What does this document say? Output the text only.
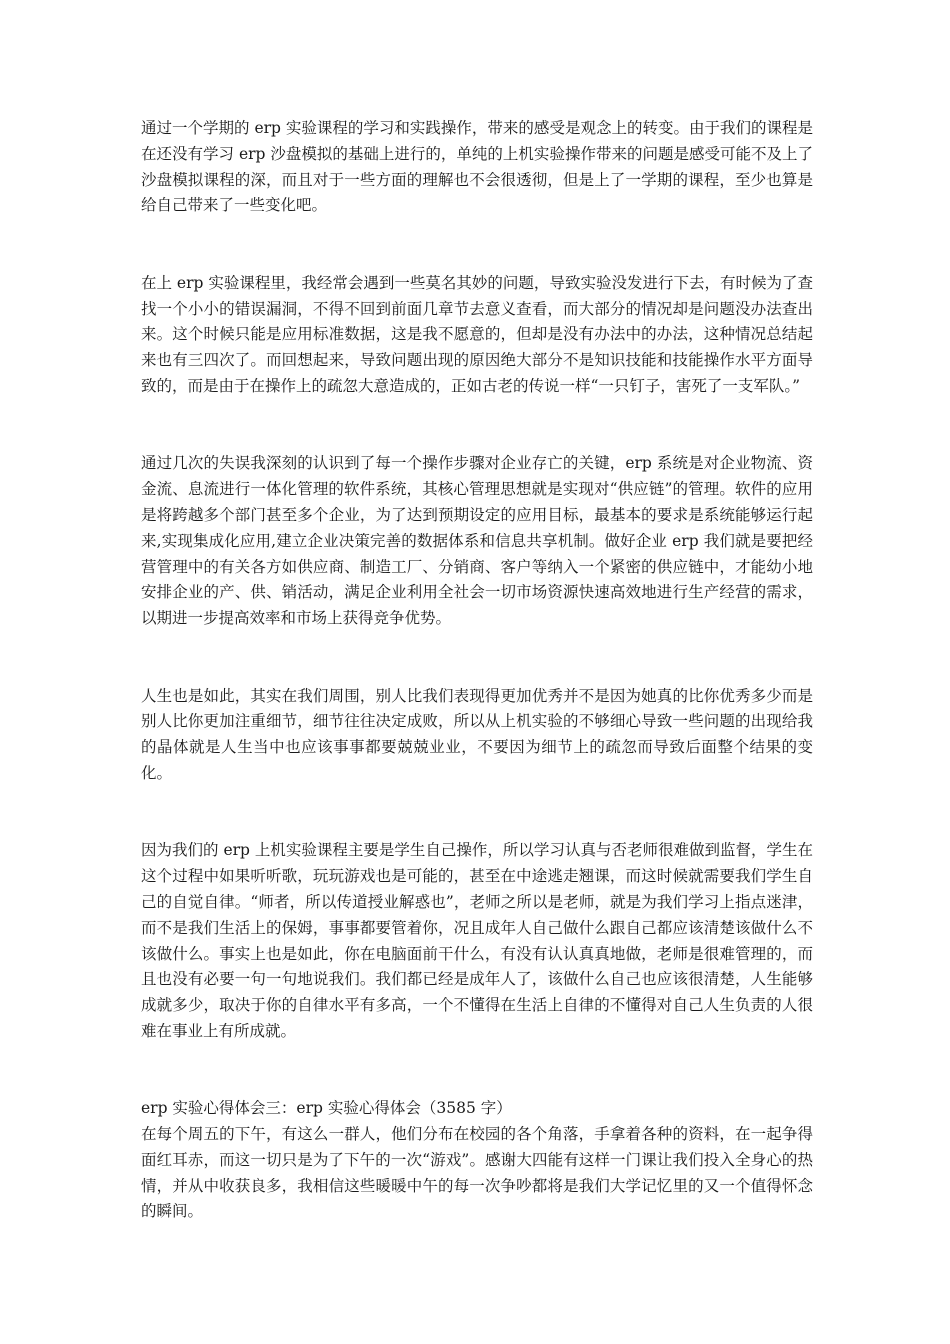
通过一个学期的 erp 实验课程的学习和实践操作，带来的感受是观念上的转变。由于我们的课程是在还没有学习 erp 沙盘模拟的基础上进行的，单纯的上机实验操作带来的问题是感受可能不及上了沙盘模拟课程的深，而且对于一些方面的理解也不会很透彻，但是上了一学期的课程，至少也算是给自己带来了一些变化吧。

在上 erp 实验课程里，我经常会遇到一些莫名其妙的问题，导致实验没发进行下去，有时候为了查找一个小小的错误漏洞，不得不回到前面几章节去意义查看，而大部分的情况却是问题没办法查出来。这个时候只能是应用标准数据，这是我不愿意的，但却是没有办法中的办法，这种情况总结起来也有三四次了。而回想起来，导致问题出现的原因绝大部分不是知识技能和技能操作水平方面导致的，而是由于在操作上的疏忽大意造成的，正如古老的传说一样“一只钉子，害死了一支军队。”

通过几次的失误我深刻的认识到了每一个操作步骤对企业存亡的关键，erp 系统是对企业物流、资金流、息流进行一体化管理的软件系统，其核心管理思想就是实现对“供应链”的管理。软件的应用是将跨越多个部门甚至多个企业，为了达到预期设定的应用目标，最基本的要求是系统能够运行起来,实现集成化应用,建立企业决策完善的数据体系和信息共享机制。做好企业 erp 我们就是要把经营管理中的有关各方如供应商、制造工厂、分销商、客户等纳入一个紧密的供应链中，才能幼小地安排企业的产、供、销活动，满足企业利用全社会一切市场资源快速高效地进行生产经营的需求，以期进一步提高效率和市场上获得竞争优势。

人生也是如此，其实在我们周围，别人比我们表现得更加优秀并不是因为她真的比你优秀多少而是别人比你更加注重细节，细节往往决定成败，所以从上机实验的不够细心导致一些问题的出现给我的晶体就是人生当中也应该事事都要兢兢业业，不要因为细节上的疏忽而导致后面整个结果的变化。

因为我们的 erp 上机实验课程主要是学生自己操作，所以学习认真与否老师很难做到监督，学生在这个过程中如果听听歌，玩玩游戏也是可能的，甚至在中途逃走翘课，而这时候就需要我们学生自己的自觉自律。“师者，所以传道授业解惑也”，老师之所以是老师，就是为我们学习上指点迷津，而不是我们生活上的保姆，事事都要管着你，况且成年人自己做什么跟自己都应该清楚该做什么不该做什么。事实上也是如此，你在电脑面前干什么，有没有认认真真地做，老师是很难管理的，而且也没有必要一句一句地说我们。我们都已经是成年人了，该做什么自己也应该很清楚，人生能够成就多少，取决于你的自律水平有多高，一个不懂得在生活上自律的不懂得对自己人生负责的人很难在事业上有所成就。

erp 实验心得体会三：erp 实验心得体会（3585 字）

在每个周五的下午，有这么一群人，他们分布在校园的各个角落，手拿着各种的资料，在一起争得面红耳赤，而这一切只是为了下午的一次“游戏”。感谢大四能有这样一门课让我们投入全身心的热情，并从中收获良多，我相信这些暖暖中午的每一次争吵都将是我们大学记忆里的又一个值得怀念的瞬间。
